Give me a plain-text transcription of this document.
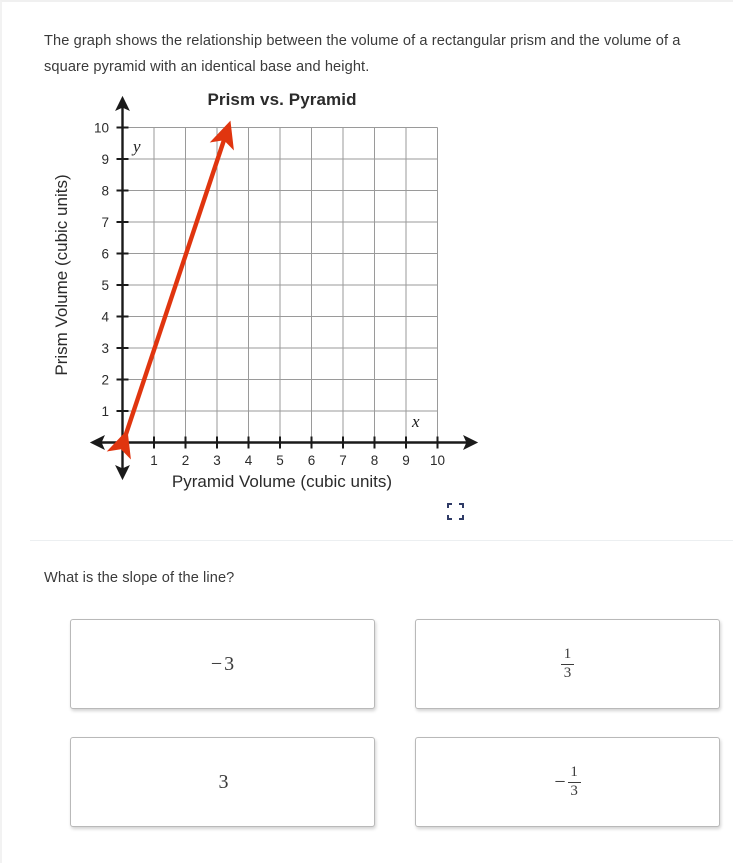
The graph shows the relationship between the volume of a rectangular prism and the volume of a square pyramid with an identical base and height.
Prism vs. Pyramid
Prism Volume (cubic units)
Pyramid Volume (cubic units)
1 2 3 4 5 6 7 8 9 10
1
2
3
4
5
6
7
8
9
10
y
x
What is the slope of the line?
− 3	$\frac{1}{3}$
3	− $\frac{1}{3}$
